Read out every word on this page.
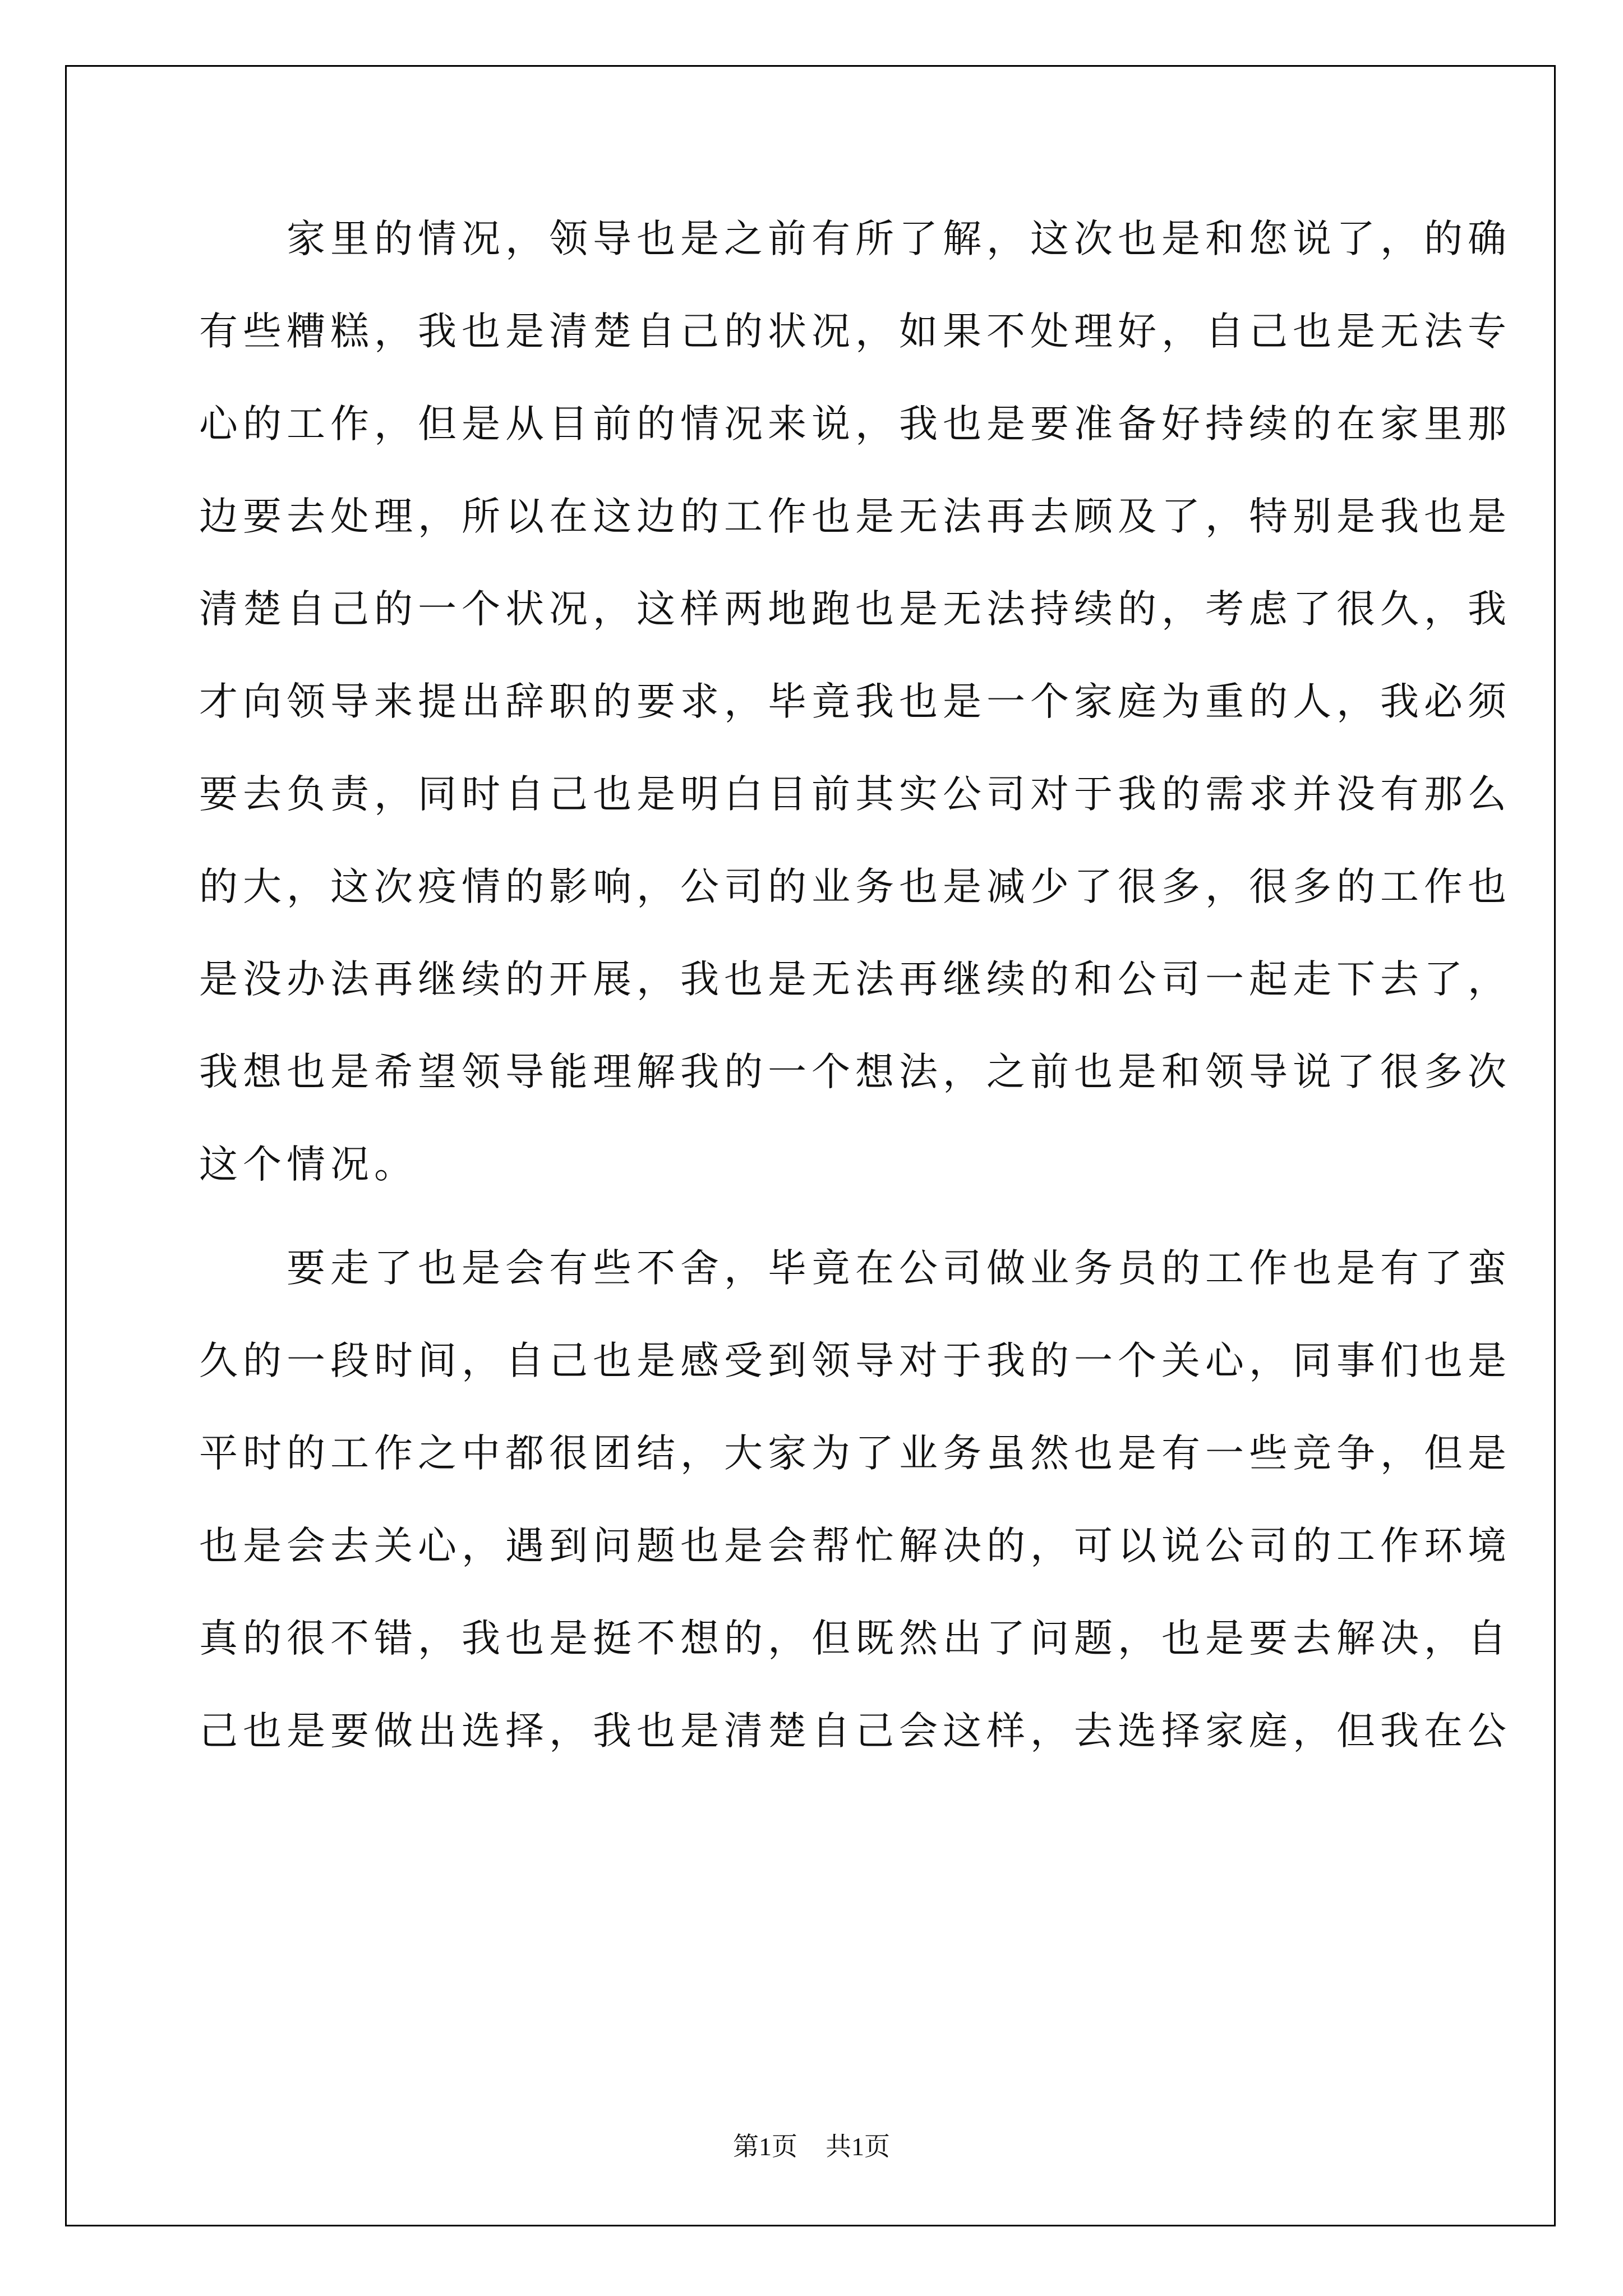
家里的情况，领导也是之前有所了解，这次也是和您说了，的确
有些糟糕，我也是清楚自己的状况，如果不处理好，自己也是无法专
心的工作，但是从目前的情况来说，我也是要准备好持续的在家里那
边要去处理，所以在这边的工作也是无法再去顾及了，特别是我也是
清楚自己的一个状况，这样两地跑也是无法持续的，考虑了很久，我
才向领导来提出辞职的要求，毕竟我也是一个家庭为重的人，我必须
要去负责，同时自己也是明白目前其实公司对于我的需求并没有那么
的大，这次疫情的影响，公司的业务也是减少了很多，很多的工作也
是没办法再继续的开展，我也是无法再继续的和公司一起走下去了，
我想也是希望领导能理解我的一个想法，之前也是和领导说了很多次
这个情况。
要走了也是会有些不舍，毕竟在公司做业务员的工作也是有了蛮
久的一段时间，自己也是感受到领导对于我的一个关心，同事们也是
平时的工作之中都很团结，大家为了业务虽然也是有一些竞争，但是
也是会去关心，遇到问题也是会帮忙解决的，可以说公司的工作环境
真的很不错，我也是挺不想的，但既然出了问题，也是要去解决，自
己也是要做出选择，我也是清楚自己会这样，去选择家庭，但我在公
第1页 共1页
